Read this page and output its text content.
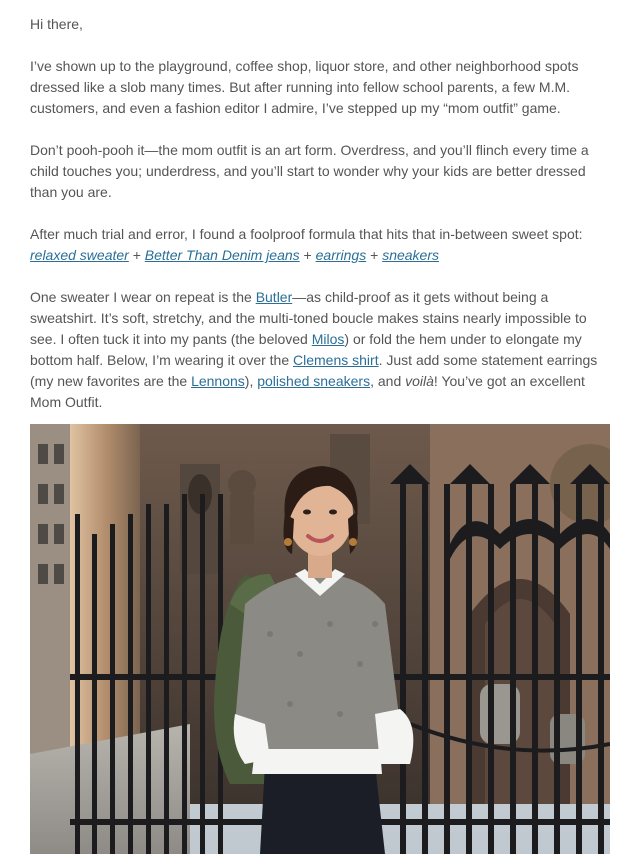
Hi there,

I’ve shown up to the playground, coffee shop, liquor store, and other neighborhood spots dressed like a slob many times. But after running into fellow school parents, a few M.M. customers, and even a fashion editor I admire, I’ve stepped up my “mom outfit” game.

Don’t pooh-pooh it—the mom outfit is an art form. Overdress, and you’ll flinch every time a child touches you; underdress, and you’ll start to wonder why your kids are better dressed than you are.

After much trial and error, I found a foolproof formula that hits that in-between sweet spot:
relaxed sweater + Better Than Denim jeans + earrings + sneakers

One sweater I wear on repeat is the Butler—as child-proof as it gets without being a sweatshirt. It’s soft, stretchy, and the multi-toned boucle makes stains nearly impossible to see. I often tuck it into my pants (the beloved Milos) or fold the hem under to elongate my bottom half. Below, I’m wearing it over the Clemens shirt. Just add some statement earrings (my new favorites are the Lennons), polished sneakers, and voilà! You’ve got an excellent Mom Outfit.
